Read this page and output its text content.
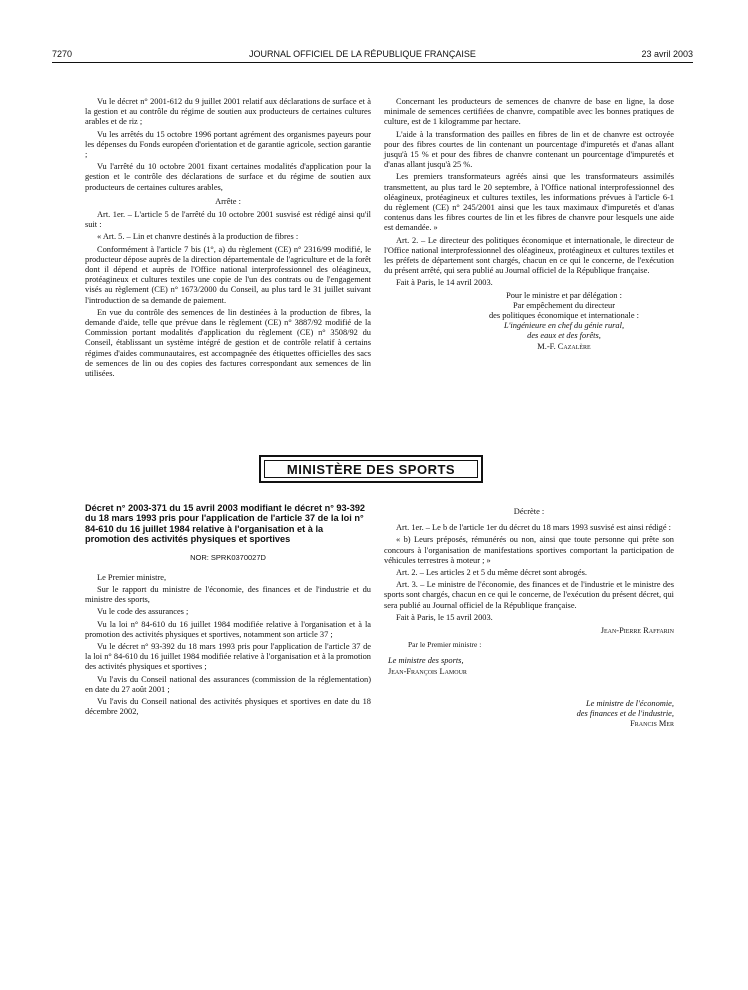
7270	JOURNAL OFFICIEL DE LA RÉPUBLIQUE FRANÇAISE	23 avril 2003

Vu le décret n° 2001-612 du 9 juillet 2001 relatif aux déclarations de surface et à la gestion et au contrôle du régime de soutien aux producteurs de certaines cultures arables et de riz ;

Vu les arrêtés du 15 octobre 1996 portant agrément des organismes payeurs pour les dépenses du Fonds européen d'orientation et de garantie agricole, section garantie ;

Vu l'arrêté du 10 octobre 2001 fixant certaines modalités d'application pour la gestion et le contrôle des déclarations de surface et du régime de soutien aux producteurs de certaines cultures arables,

Arrête :

Art. 1er. – L'article 5 de l'arrêté du 10 octobre 2001 susvisé est rédigé ainsi qu'il suit :

« Art. 5. – Lin et chanvre destinés à la production de fibres :

Conformément à l'article 7 bis (1°, a) du règlement (CE) n° 2316/99 modifié, le producteur dépose auprès de la direction départementale de l'agriculture et de la forêt dont il dépend et auprès de l'Office national interprofessionnel des oléagineux, protéagineux et cultures textiles une copie de l'un des contrats ou de l'engagement visés au règlement (CE) n° 1673/2000 du Conseil, au plus tard le 31 juillet suivant l'introduction de sa demande de paiement.

En vue du contrôle des semences de lin destinées à la production de fibres, la demande d'aide, telle que prévue dans le règlement (CE) n° 3887/92 modifié de la Commission portant modalités d'application du règlement (CE) n° 3508/92 du Conseil, établissant un système intégré de gestion et de contrôle relatif à certains régimes d'aides communautaires, est accompagnée des étiquettes officielles des sacs de semences de lin ou des copies des factures correspondant aux semences de lin utilisées.

Concernant les producteurs de semences de chanvre de base en ligne, la dose minimale de semences certifiées de chanvre, compatible avec les bonnes pratiques de culture, est de 1 kilogramme par hectare.

L'aide à la transformation des pailles en fibres de lin et de chanvre est octroyée pour des fibres courtes de lin contenant un pourcentage d'impuretés et d'anas allant jusqu'à 15 % et pour des fibres de chanvre contenant un pourcentage d'impuretés et d'anas allant jusqu'à 25 %.

Les premiers transformateurs agréés ainsi que les transformateurs assimilés transmettent, au plus tard le 20 septembre, à l'Office national interprofessionnel des oléagineux, protéagineux et cultures textiles, les informations prévues à l'article 6-1 du règlement (CE) n° 245/2001 ainsi que les taux maximaux d'impuretés et d'anas contenus dans les fibres courtes de lin et les fibres de chanvre pour lesquels une aide est demandée. »

Art. 2. – Le directeur des politiques économique et internationale, le directeur de l'Office national interprofessionnel des oléagineux, protéagineux et cultures textiles et les préfets de département sont chargés, chacun en ce qui le concerne, de l'exécution du présent arrêté, qui sera publié au Journal officiel de la République française.

Fait à Paris, le 14 avril 2003.

Pour le ministre et par délégation :
Par empêchement du directeur
des politiques économique et internationale :
L'ingénieure en chef du génie rural,
des eaux et des forêts,
M.-F. Cazalère
MINISTÈRE DES SPORTS
Décret n° 2003-371 du 15 avril 2003 modifiant le décret n° 93-392 du 18 mars 1993 pris pour l'application de l'article 37 de la loi n° 84-610 du 16 juillet 1984 relative à l'organisation et à la promotion des activités physiques et sportives
NOR: SPRK0370027D

Le Premier ministre,

Sur le rapport du ministre de l'économie, des finances et de l'industrie et du ministre des sports,

Vu le code des assurances ;

Vu la loi n° 84-610 du 16 juillet 1984 modifiée relative à l'organisation et à la promotion des activités physiques et sportives, notamment son article 37 ;

Vu le décret n° 93-392 du 18 mars 1993 pris pour l'application de l'article 37 de la loi n° 84-610 du 16 juillet 1984 modifiée relative à l'organisation et à la promotion des activités physiques et sportives ;

Vu l'avis du Conseil national des assurances (commission de la réglementation) en date du 27 août 2001 ;

Vu l'avis du Conseil national des activités physiques et sportives en date du 18 décembre 2002,

Décrète :

Art. 1er. – Le b de l'article 1er du décret du 18 mars 1993 susvisé est ainsi rédigé :

« b) Leurs préposés, rémunérés ou non, ainsi que toute personne qui prête son concours à l'organisation de manifestations sportives comportant la participation de véhicules terrestres à moteur ; »

Art. 2. – Les articles 2 et 5 du même décret sont abrogés.

Art. 3. – Le ministre de l'économie, des finances et de l'industrie et le ministre des sports sont chargés, chacun en ce qui le concerne, de l'exécution du présent décret, qui sera publié au Journal officiel de la République française.

Fait à Paris, le 15 avril 2003.

Jean-Pierre Raffarin
Par le Premier ministre :
Le ministre des sports,
Jean-François Lamour
Le ministre de l'économie,
des finances et de l'industrie,
Francis Mer
